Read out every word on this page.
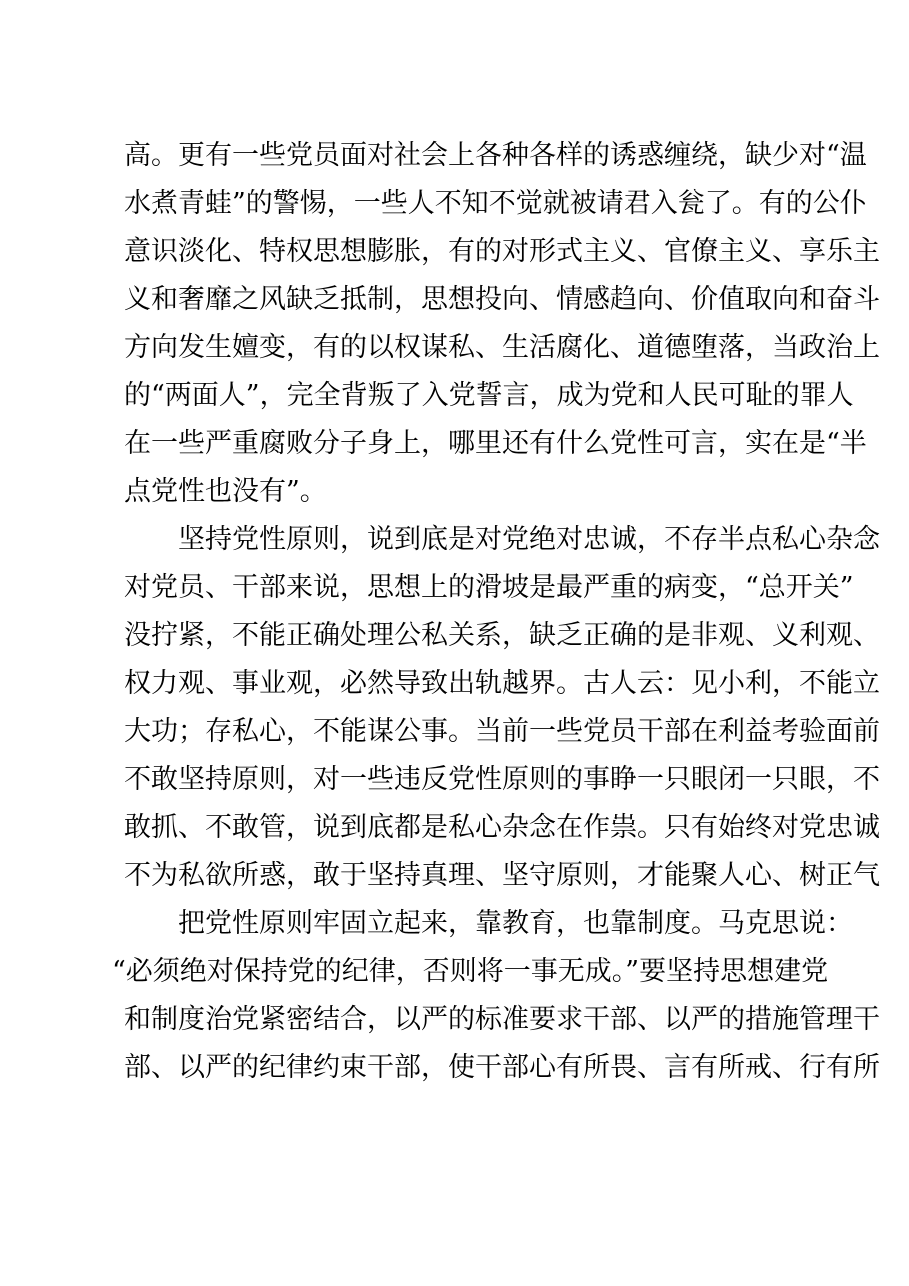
高。更有一些党员面对社会上各种各样的诱惑缠绕，缺少对“温
水煮青蛙”的警惕，一些人不知不觉就被请君入瓮了。有的公仆
意识淡化、特权思想膨胀，有的对形式主义、官僚主义、享乐主
义和奢靡之风缺乏抵制，思想投向、情感趋向、价值取向和奋斗
方向发生嬗变，有的以权谋私、生活腐化、道德堕落，当政治上
的“两面人”，完全背叛了入党誓言，成为党和人民可耻的罪人
在一些严重腐败分子身上，哪里还有什么党性可言，实在是“半
点党性也没有”。
坚持党性原则，说到底是对党绝对忠诚，不存半点私心杂念
对党员、干部来说，思想上的滑坡是最严重的病变，“总开关”
没拧紧，不能正确处理公私关系，缺乏正确的是非观、义利观、
权力观、事业观，必然导致出轨越界。古人云：见小利，不能立
大功；存私心，不能谋公事。当前一些党员干部在利益考验面前
不敢坚持原则，对一些违反党性原则的事睁一只眼闭一只眼，不
敢抓、不敢管，说到底都是私心杂念在作祟。只有始终对党忠诚
不为私欲所惑，敢于坚持真理、坚守原则，才能聚人心、树正气
把党性原则牢固立起来，靠教育，也靠制度。马克思说：
“必须绝对保持党的纪律，否则将一事无成。”要坚持思想建党
和制度治党紧密结合，以严的标准要求干部、以严的措施管理干
部、以严的纪律约束干部，使干部心有所畏、言有所戒、行有所
